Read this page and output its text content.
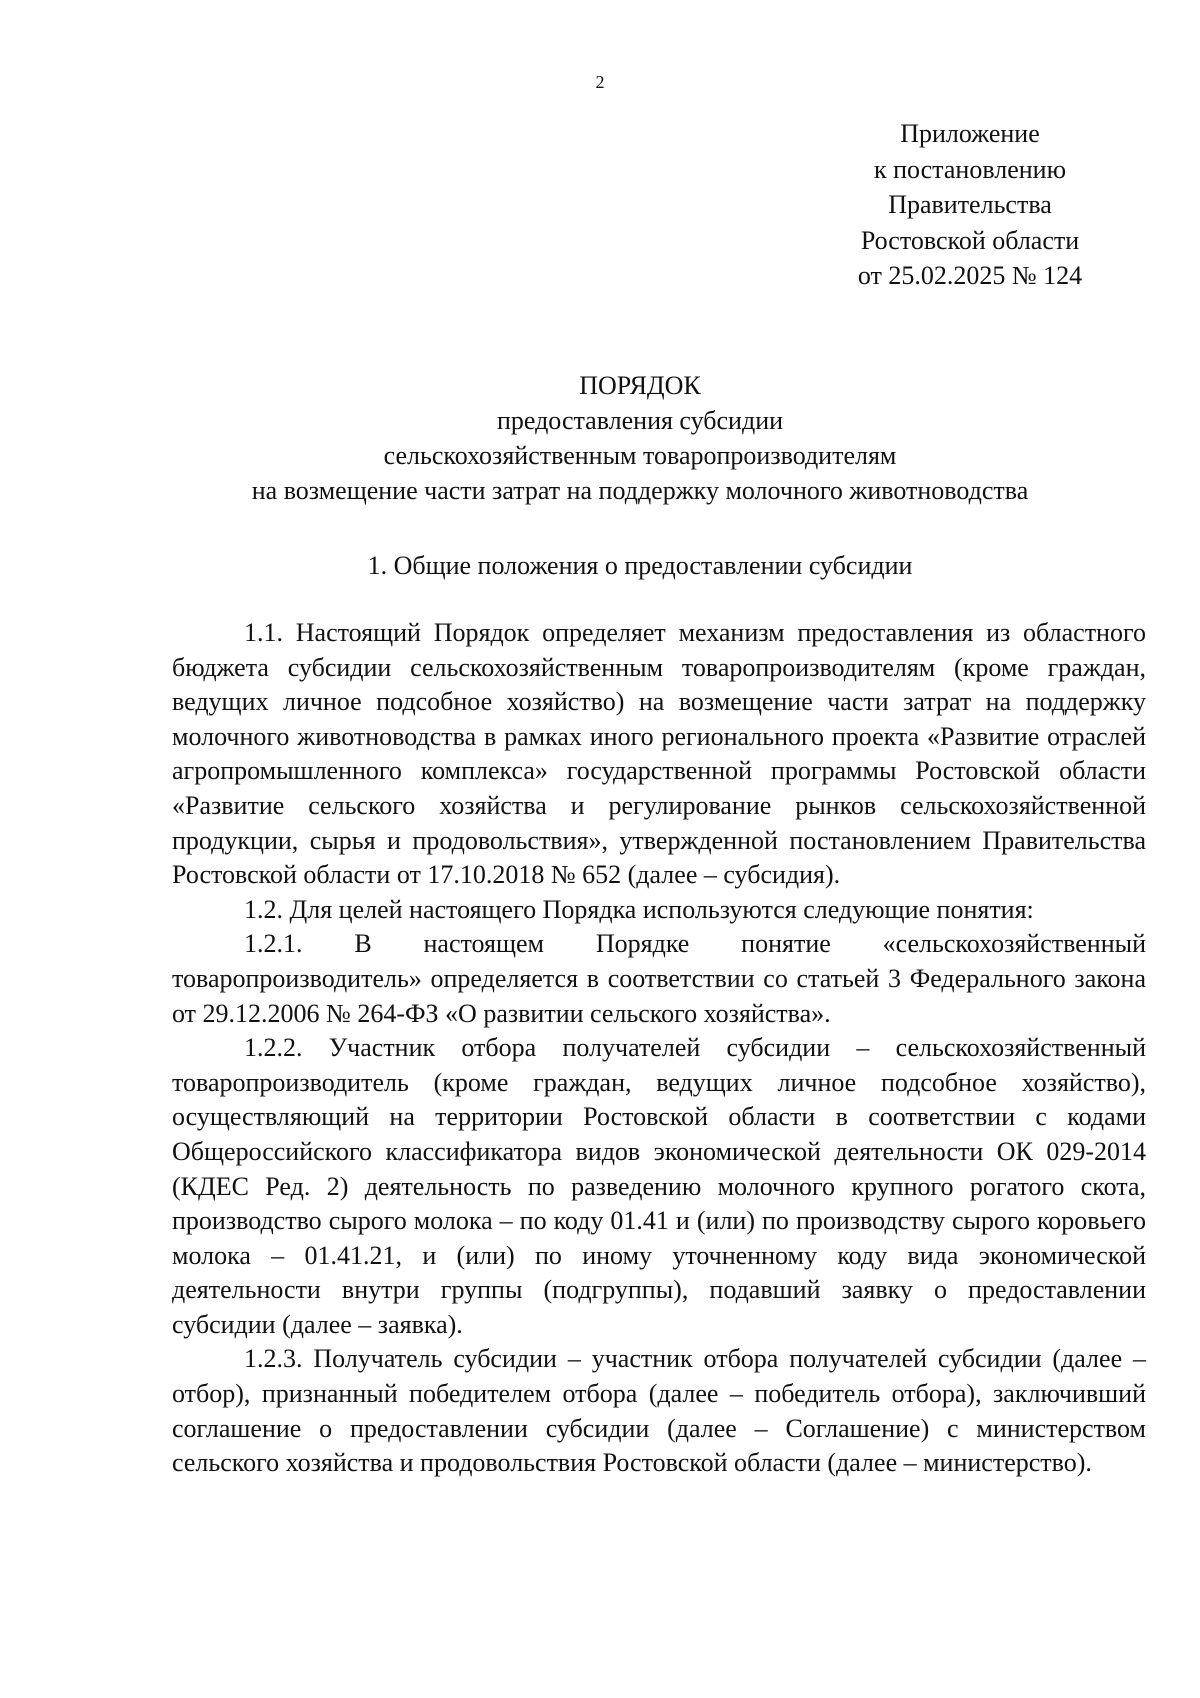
2
Приложение
к постановлению
Правительства
Ростовской области
от 25.02.2025 № 124
ПОРЯДОК
предоставления субсидии
сельскохозяйственным товаропроизводителям
на возмещение части затрат на поддержку молочного животноводства
1. Общие положения о предоставлении субсидии

1.1. Настоящий Порядок определяет механизм предоставления из областного бюджета субсидии сельскохозяйственным товаропроизводителям (кроме граждан, ведущих личное подсобное хозяйство) на возмещение части затрат на поддержку молочного животноводства в рамках иного регионального проекта «Развитие отраслей агропромышленного комплекса» государственной программы Ростовской области «Развитие сельского хозяйства и регулирование рынков сельскохозяйственной продукции, сырья и продовольствия», утвержденной постановлением Правительства Ростовской области от 17.10.2018 № 652 (далее – субсидия).

1.2. Для целей настоящего Порядка используются следующие понятия:

1.2.1. В настоящем Порядке понятие «сельскохозяйственный товаропроизводитель» определяется в соответствии со статьей 3 Федерального закона от 29.12.2006 № 264-ФЗ «О развитии сельского хозяйства».

1.2.2. Участник отбора получателей субсидии – сельскохозяйственный товаропроизводитель (кроме граждан, ведущих личное подсобное хозяйство), осуществляющий на территории Ростовской области в соответствии с кодами Общероссийского классификатора видов экономической деятельности ОК 029-2014 (КДЕС Ред. 2) деятельность по разведению молочного крупного рогатого скота, производство сырого молока – по коду 01.41 и (или) по производству сырого коровьего молока – 01.41.21, и (или) по иному уточненному коду вида экономической деятельности внутри группы (подгруппы), подавший заявку о предоставлении субсидии (далее – заявка).

1.2.3. Получатель субсидии – участник отбора получателей субсидии (далее – отбор), признанный победителем отбора (далее – победитель отбора), заключивший соглашение о предоставлении субсидии (далее – Соглашение) с министерством сельского хозяйства и продовольствия Ростовской области (далее – министерство).
